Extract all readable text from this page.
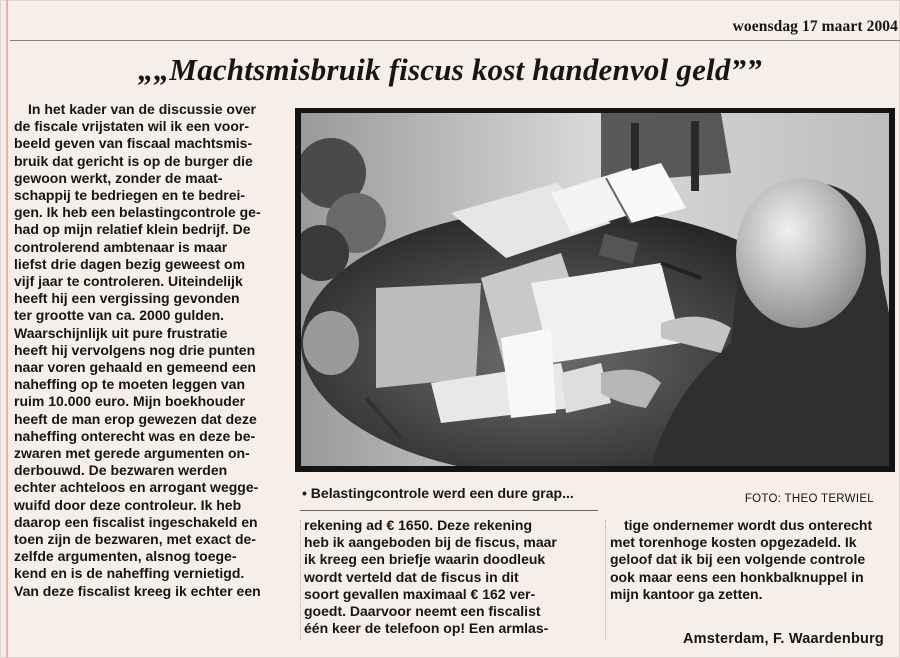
woensdag 17 maart 2004
„„Machtsmisbruik fiscus kost handenvol geld””
In het kader van de discussie over
de fiscale vrijstaten wil ik een voor-
beeld geven van fiscaal machtsmis-
bruik dat gericht is op de burger die
gewoon werkt, zonder de maat-
schappij te bedriegen en te bedrei-
gen. Ik heb een belastingcontrole ge-
had op mijn relatief klein bedrijf. De
controlerend ambtenaar is maar
liefst drie dagen bezig geweest om
vijf jaar te controleren. Uiteindelijk
heeft hij een vergissing gevonden
ter grootte van ca. 2000 gulden.
Waarschijnlijk uit pure frustratie
heeft hij vervolgens nog drie punten
naar voren gehaald en gemeend een
naheffing op te moeten leggen van
ruim 10.000 euro. Mijn boekhouder
heeft de man erop gewezen dat deze
naheffing onterecht was en deze be-
zwaren met gerede argumenten on-
derbouwd. De bezwaren werden
echter achteloos en arrogant wegge-
wuifd door deze controleur. Ik heb
daarop een fiscalist ingeschakeld en
toen zijn de bezwaren, met exact de-
zelfde argumenten, alsnog toege-
kend en is de naheffing vernietigd.
Van deze fiscalist kreeg ik echter een
FOTO: THEO TERWIEL
• Belastingcontrole werd een dure grap...
rekening ad € 1650. Deze rekening
heb ik aangeboden bij de fiscus, maar
ik kreeg een briefje waarin doodleuk
wordt verteld dat de fiscus in dit
soort gevallen maximaal € 162 ver-
goedt. Daarvoor neemt een fiscalist
één keer de telefoon op! Een armlas-
tige ondernemer wordt dus onterecht
met torenhoge kosten opgezadeld. Ik
geloof dat ik bij een volgende controle
ook maar eens een honkbalknuppel in
mijn kantoor ga zetten.
Amsterdam, F. Waardenburg
